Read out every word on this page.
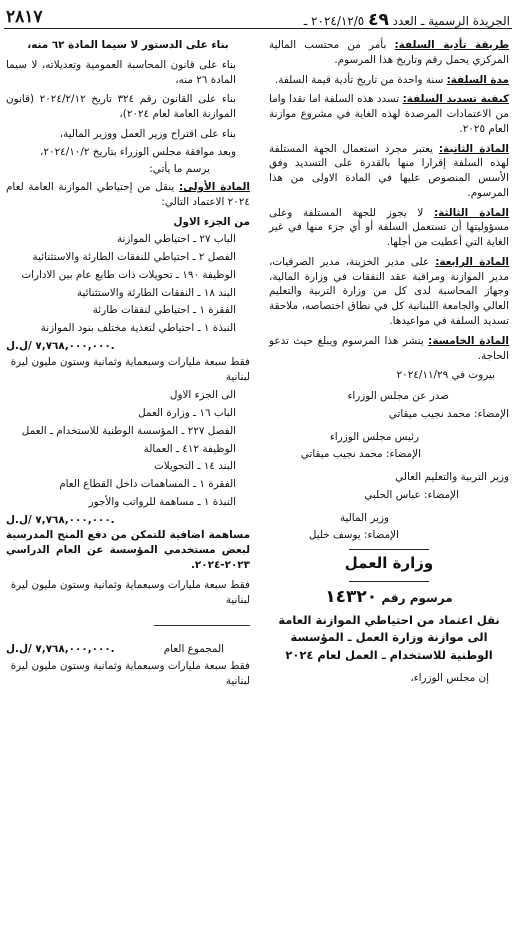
٢٨١٧	الجريدة الرسمية ـ العدد ٤٩ ٢٠٢٤/١٢/٥ ـ

طريقة تأدية السلفة: بأمر من محتسب المالية المركزي يحمل رقم وتاريخ هذا المرسوم.

مدة السلفة: سنة واحدة من تاريخ تأدية قيمة السلفة.

كيفية تسديد السلفة: تسدد هذه السلفة اما نقدا واما من الاعتمادات المرصدة لهذه الغاية في مشروع موازنة العام ٢٠٢٥.

المادة الثانية: يعتبر مجرد استعمال الجهة المستلفة لهذه السلفة إقرارا منها بالقدرة على التسديد وفق الأسس المنصوص عليها في المادة الاولى من هذا المرسوم.

المادة الثالثة: لا يجوز للجهة المستلفة وعلى مسؤوليتها أن تستعمل السلفة أو أي جزء منها في غير الغاية التي أعطيت من أجلها.

المادة الرابعة: على مدير الخزينة، مدير الصرفيات، مدير الموازنة ومراقبة عقد النفقات في وزارة المالية، وجهاز المحاسبة لدى كل من وزارة التربية والتعليم العالي والجامعة اللبنانية كل في نطاق اختصاصه، ملاحقة تسديد السلفة في مواعيدها.

المادة الخامسة: ينشر هذا المرسوم ويبلغ حيث تدعو الحاجة.

بيروت في ٢٠٢٤/١١/٢٩

صدر عن مجلس الوزراء

الإمضاء: محمد نجيب ميقاتي

رئيس مجلس الوزراء

الإمضاء: محمد نجيب ميقاتي

وزير التربية والتعليم العالي

الإمضاء: عباس الحلبي

وزير المالية

الإمضاء: يوسف خليل

وزارة العمل

مرسوم رقم ١٤٣٢٠

نقل اعتماد من احتياطي الموازنة العامة الى موازنة وزارة العمل ـ المؤسسة الوطنية للاستخدام ـ العمل لعام ٢٠٢٤

إن مجلس الوزراء،

بناء على الدستور لا سيما المادة ٦٢ منه،

بناء على قانون المحاسبة العمومية وتعديلاته، لا سيما المادة ٢٦ منه،

بناء على القانون رقم ٣٢٤ تاريخ ٢٠٢٤/٢/١٢ (قانون الموازنة العامة لعام ٢٠٢٤)،

بناء على اقتراح وزير العمل ووزير المالية،

وبعد موافقة مجلس الوزراء بتاريخ ٢٠٢٤/١٠/٢،

يرسم ما يأتي:

المادة الأولى: ينقل من إحتياطي الموازنة العامة لعام ٢٠٢٤ الاعتماد التالي:

من الجزء الاول

الباب ٢٧ ـ احتياطي الموازنة

الفصل ٢ ـ احتياطي للنفقات الطارئة والاستثنائية

الوظيفة ١٩٠ ـ تحويلات ذات طابع عام بين الادارات

البند ١٨ ـ النفقات الطارئة والاستثنائية

الفقرة ١ ـ احتياطي لنفقات طارئة

النبذة ١ ـ احتياطي لتغذية مختلف بنود الموازنة

٧,٧٦٨,٠٠٠,٠٠٠ /ل.ل.

فقط سبعة مليارات وسبعماية وثمانية وستون مليون ليرة لبنانية

الى الجزء الاول

الباب ١٦ ـ وزارة العمل

الفصل ٢٢٧ ـ المؤسسة الوطنية للاستخدام ـ العمل

الوظيفة ٤١٢ ـ العمالة

البند ١٤ ـ التحويلات

الفقرة ١ ـ المساهمات داخل القطاع العام

النبذة ١ ـ مساهمة للرواتب والأجور

٧,٧٦٨,٠٠٠,٠٠٠ /ل.ل.

مساهمة اضافية للتمكن من دفع المنح المدرسية لبعض مستخدمي المؤسسة عن العام الدراسي ٢٠٢٣-٢٠٢٤.

فقط سبعة مليارات وسبعماية وثمانية وستون مليون ليرة لبنانية

المجموع العام
٧,٧٦٨,٠٠٠,٠٠٠ /ل.ل.

فقط سبعة مليارات وسبعماية وثمانية وستون مليون ليرة لبنانية
